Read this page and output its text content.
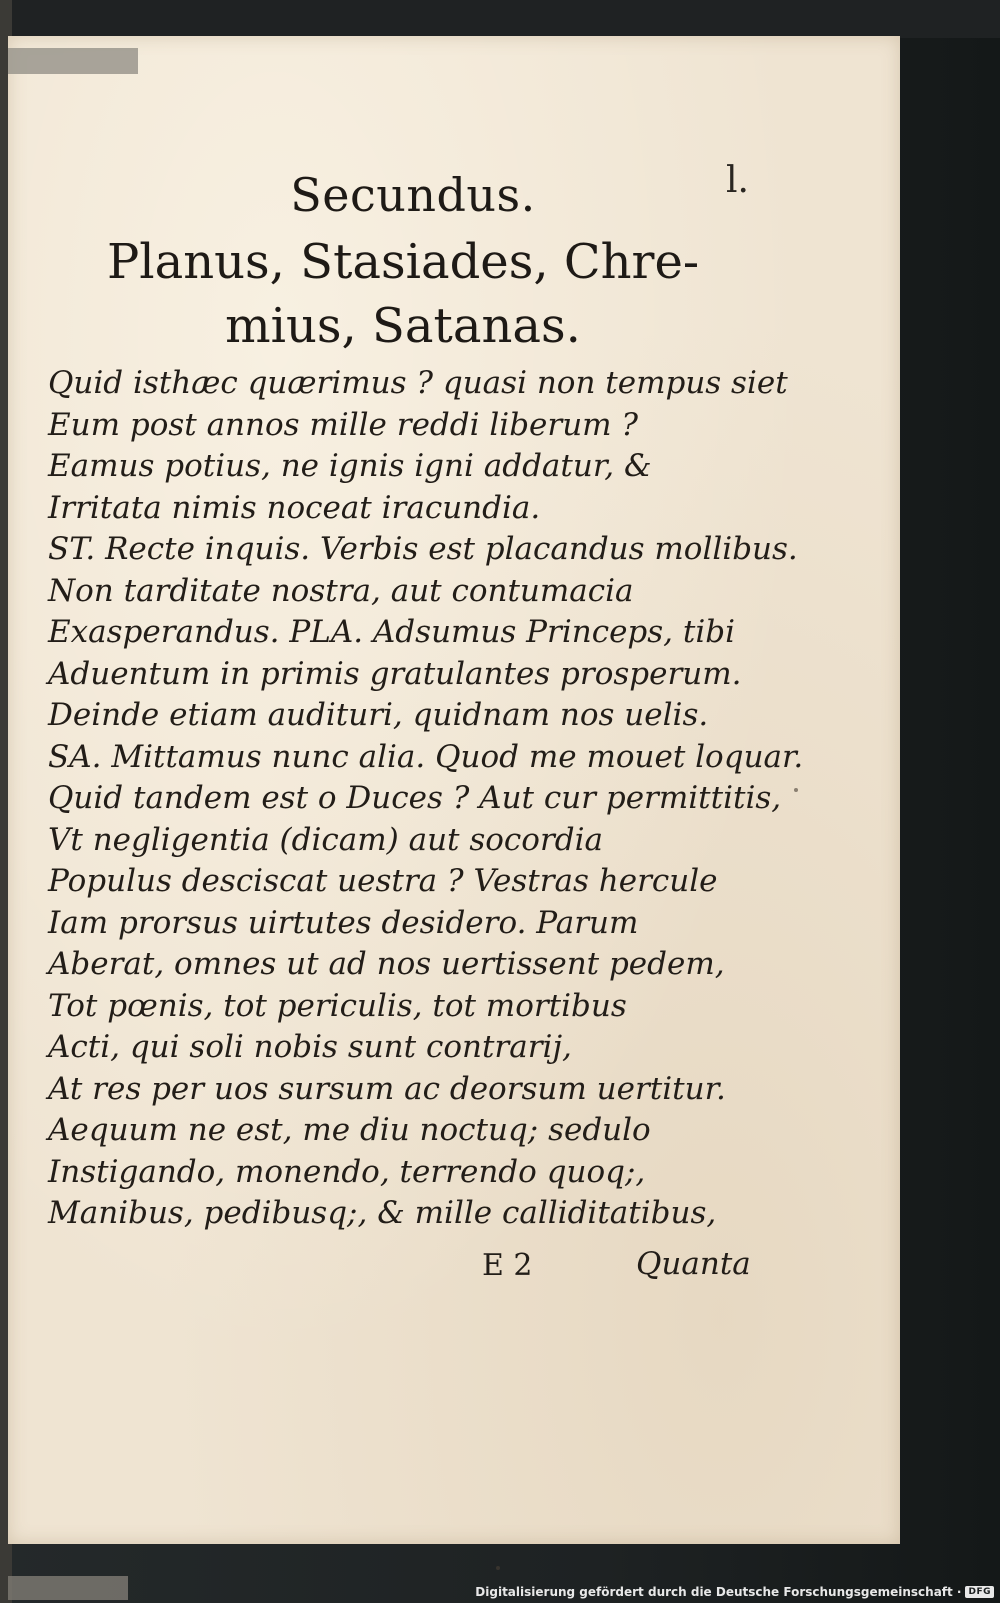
Secundus.	l.
Planus, Stasiades, Chre-
mius, Satanas.
Quid isthæc quærimus ? quasi non tempus siet
Eum post annos mille reddi liberum ?
Eamus potius, ne ignis igni addatur, &
Irritata nimis noceat iracundia.
ST. Recte inquis. Verbis est placandus mollibus.
Non tarditate nostra, aut contumacia
Exasperandus. PLA. Adsumus Princeps, tibi
Aduentum in primis gratulantes prosperum.
Deinde etiam audituri, quidnam nos uelis.
SA. Mittamus nunc alia. Quod me mouet loquar.
Quid tandem est o Duces ? Aut cur permittitis,
Vt negligentia (dicam) aut socordia
Populus desciscat uestra ? Vestras hercule
Iam prorsus uirtutes desidero. Parum
Aberat, omnes ut ad nos uertissent pedem,
Tot pœnis, tot periculis, tot mortibus
Acti, qui soli nobis sunt contrarij,
At res per uos sursum ac deorsum uertitur.
Aequum ne est, me diu noctuq; sedulo
Instigando, monendo, terrendo quoq;,
Manibus, pedibusq;, & mille calliditatibus,
E 2	Quanta
Digitalisierung gefördert durch die Deutsche Forschungsgemeinschaft · DFG
